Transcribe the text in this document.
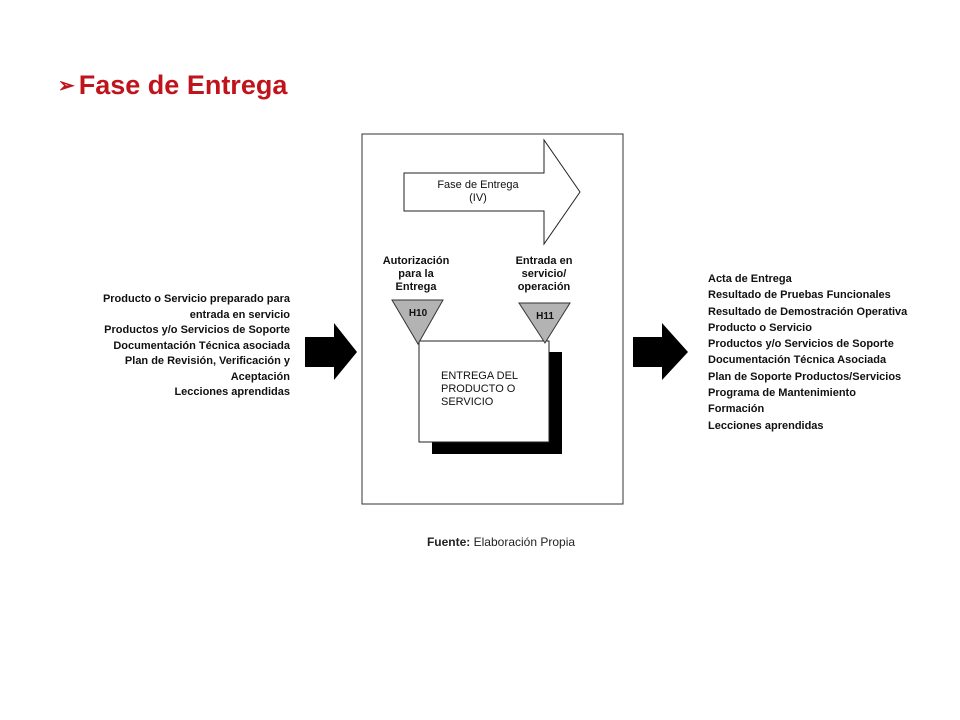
➢ Fase de Entrega
Fase de Entrega
(IV)
Autorización
para la
Entrega
Entrada en
servicio/
operación
ENTREGA DEL
PRODUCTO O
SERVICIO
H10	H11
Producto o Servicio preparado para
entrada en servicio
Productos y/o Servicios de Soporte
Documentación Técnica asociada
Plan de Revisión, Verificación y
Aceptación
Lecciones aprendidas
Acta de Entrega
Resultado de Pruebas Funcionales
Resultado de Demostración Operativa
Producto o Servicio
Productos y/o Servicios de Soporte
Documentación Técnica Asociada
Plan de Soporte Productos/Servicios
Programa de Mantenimiento
Formación
Lecciones aprendidas
Fuente: Elaboración Propia
